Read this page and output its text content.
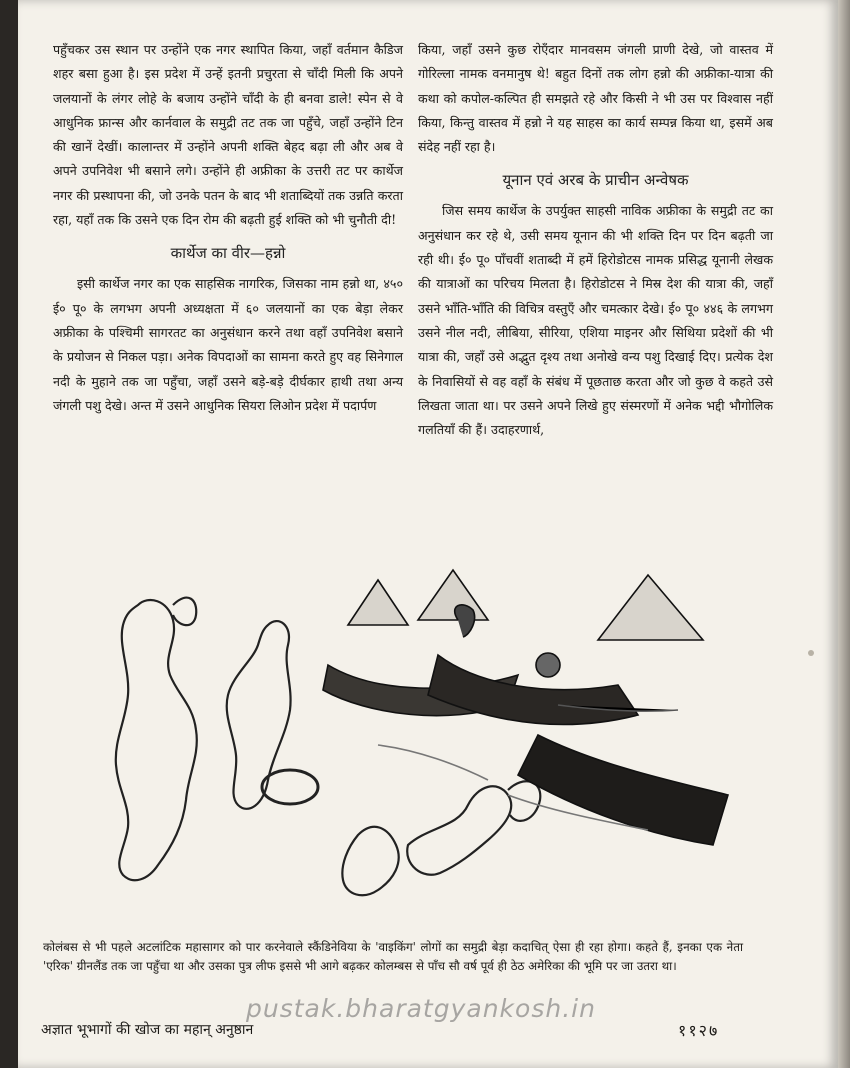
पहुँचकर उस स्थान पर उन्होंने एक नगर स्थापित किया, जहाँ वर्तमान कैडिज शहर बसा हुआ है। इस प्रदेश में उन्हें इतनी प्रचुरता से चाँदी मिली कि अपने जलयानों के लंगर लोहे के बजाय उन्होंने चाँदी के ही बनवा डाले! स्पेन से वे आधुनिक फ्रान्स और कार्नवाल के समुद्री तट तक जा पहुँचे, जहाँ उन्होंने टिन की खानें देखीं। कालान्तर में उन्होंने अपनी शक्ति बेहद बढ़ा ली और अब वे अपने उपनिवेश भी बसाने लगे। उन्होंने ही अफ्रीका के उत्तरी तट पर कार्थेज नगर की प्रस्थापना की, जो उनके पतन के बाद भी शताब्दियों तक उन्नति करता रहा, यहाँ तक कि उसने एक दिन रोम की बढ़ती हुई शक्ति को भी चुनौती दी!

कार्थेज का वीर—हन्नो

इसी कार्थेज नगर का एक साहसिक नागरिक, जिसका नाम हन्नो था, ४५० ई० पू० के लगभग अपनी अध्यक्षता में ६० जलयानों का एक बेड़ा लेकर अफ्रीका के पश्चिमी सागरतट का अनुसंधान करने तथा वहाँ उपनिवेश बसाने के प्रयोजन से निकल पड़ा। अनेक विपदाओं का सामना करते हुए वह सिनेगाल नदी के मुहाने तक जा पहुँचा, जहाँ उसने बड़े-बड़े दीर्घकार हाथी तथा अन्य जंगली पशु देखे। अन्त में उसने आधुनिक सियरा लिओन प्रदेश में पदार्पण

किया, जहाँ उसने कुछ रोएँदार मानवसम जंगली प्राणी देखे, जो वास्तव में गोरिल्ला नामक वनमानुष थे! बहुत दिनों तक लोग हन्नो की अफ्रीका-यात्रा की कथा को कपोल-कल्पित ही समझते रहे और किसी ने भी उस पर विश्वास नहीं किया, किन्तु वास्तव में हन्नो ने यह साहस का कार्य सम्पन्न किया था, इसमें अब संदेह नहीं रहा है।

यूनान एवं अरब के प्राचीन अन्वेषक

जिस समय कार्थेज के उपर्युक्त साहसी नाविक अफ्रीका के समुद्री तट का अनुसंधान कर रहे थे, उसी समय यूनान की भी शक्ति दिन पर दिन बढ़ती जा रही थी। ई० पू० पाँचवीं शताब्दी में हमें हिरोडोटस नामक प्रसिद्ध यूनानी लेखक की यात्राओं का परिचय मिलता है। हिरोडोटस ने मिस्र देश की यात्रा की, जहाँ उसने भाँति-भाँति की विचित्र वस्तुएँ और चमत्कार देखे। ई० पू० ४४६ के लगभग उसने नील नदी, लीबिया, सीरिया, एशिया माइनर और सिथिया प्रदेशों की भी यात्रा की, जहाँ उसे अद्भुत दृश्य तथा अनोखे वन्य पशु दिखाई दिए। प्रत्येक देश के निवासियों से वह वहाँ के संबंध में पूछताछ करता और जो कुछ वे कहते उसे लिखता जाता था। पर उसने अपने लिखे हुए संस्मरणों में अनेक भद्दी भौगोलिक गलतियाँ की हैं। उदाहरणार्थ,

कोलंबस से भी पहले अटलांटिक महासागर को पार करनेवाले स्कैंडिनेविया के 'वाइकिंग' लोगों का समुद्री बेड़ा कदाचित् ऐसा ही रहा होगा। कहते हैं, इनका एक नेता 'एरिक' ग्रीनलैंड तक जा पहुँचा था और उसका पुत्र लीफ इससे भी आगे बढ़कर कोलम्बस से पाँच सौ वर्ष पूर्व ही ठेठ अमेरिका की भूमि पर जा उतरा था।
pustak.bharatgyankosh.in
अज्ञात भूभागों की खोज का महान् अनुष्ठान	११२७
